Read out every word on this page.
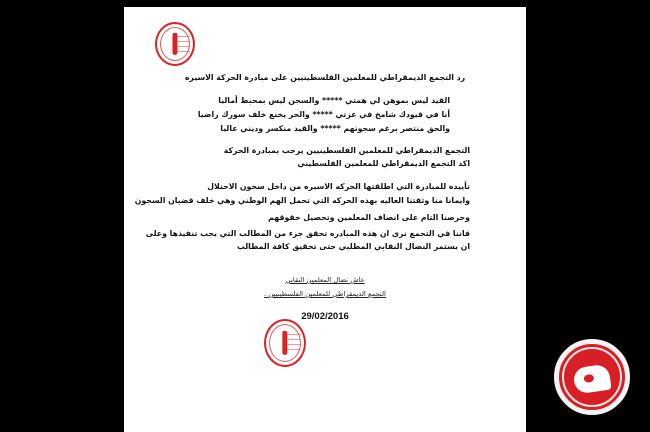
رد التجمع الديمقراطي للمعلمين الفلسطينيين على مبادرة الحركة الاسيره
القيد ليس بموهن لي همتي ***** والسجن ليس بمحبط أماليا
أنا في قيودك شامخ في عزتي ***** والحر يخنع خلف سورك راضيا
والحق منتصر برغم سجونهم ***** والقيد منكسر وديني عاليا
التجمع الديمقراطي للمعلمين الفلسطينيين يرحب بمبادرة الحركة
اكد التجمع الديمقراطي للمعلمين الفلسطيني
تأييده للمبادرة التي اطلقتها الحركه الاسيره من داخل سجون الاحتلال
وايمانا منا وثقتنا العاليه بهذه الحركه التي تحمل الهم الوطني وهي خلف قضبان السجون
وحرصنا التام على انصاف المعلمين وتحصيل حقوقهم
فاننا في التجمع نرى ان هذه المبادره تحقق جزء من المطالب التي يجب تنفيذها وعلى
ان يستمر النضال النقابي المطلبي حتى تحقيق كافة المطالب
عاش نضال المعلمين النقابي
التجمع الديمقراطي للمعلمين الفلسطينيين .
29/02/2016
